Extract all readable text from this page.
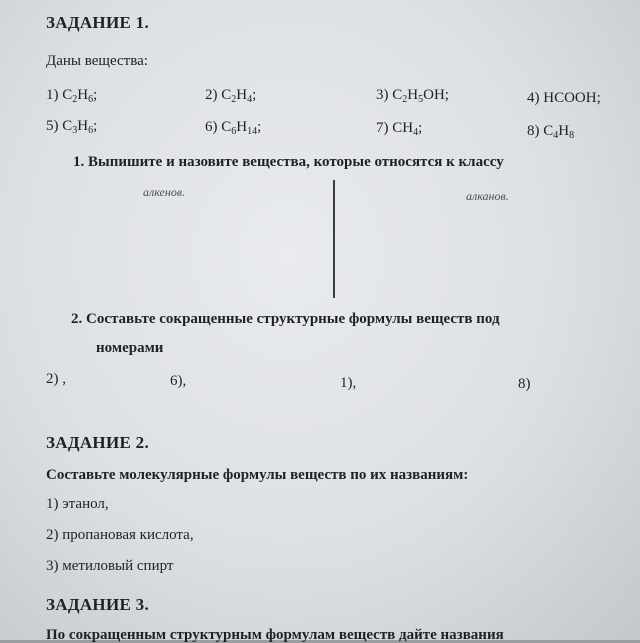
ЗАДАНИЕ 1.
Даны вещества:
1) $C_2H_6$;	2) $C_2H_4$;	3) $C_2H_5OH$;	4) HCOOH;
5) $C_3H_6$;	6) $C_6H_{14}$;	7) $CH_4$;	8) $C_4H_8$
1. Выпишите и назовите вещества, которые относятся к классу
алкенов.	алканов.
2. Составьте сокращенные структурные формулы веществ под
номерами
2) ,	6),	1),	8)
ЗАДАНИЕ 2.
Составьте молекулярные формулы веществ по их названиям:
1) этанол,
2) пропановая кислота,
3) метиловый спирт
ЗАДАНИЕ 3.
По сокращенным структурным формулам веществ дайте названия
